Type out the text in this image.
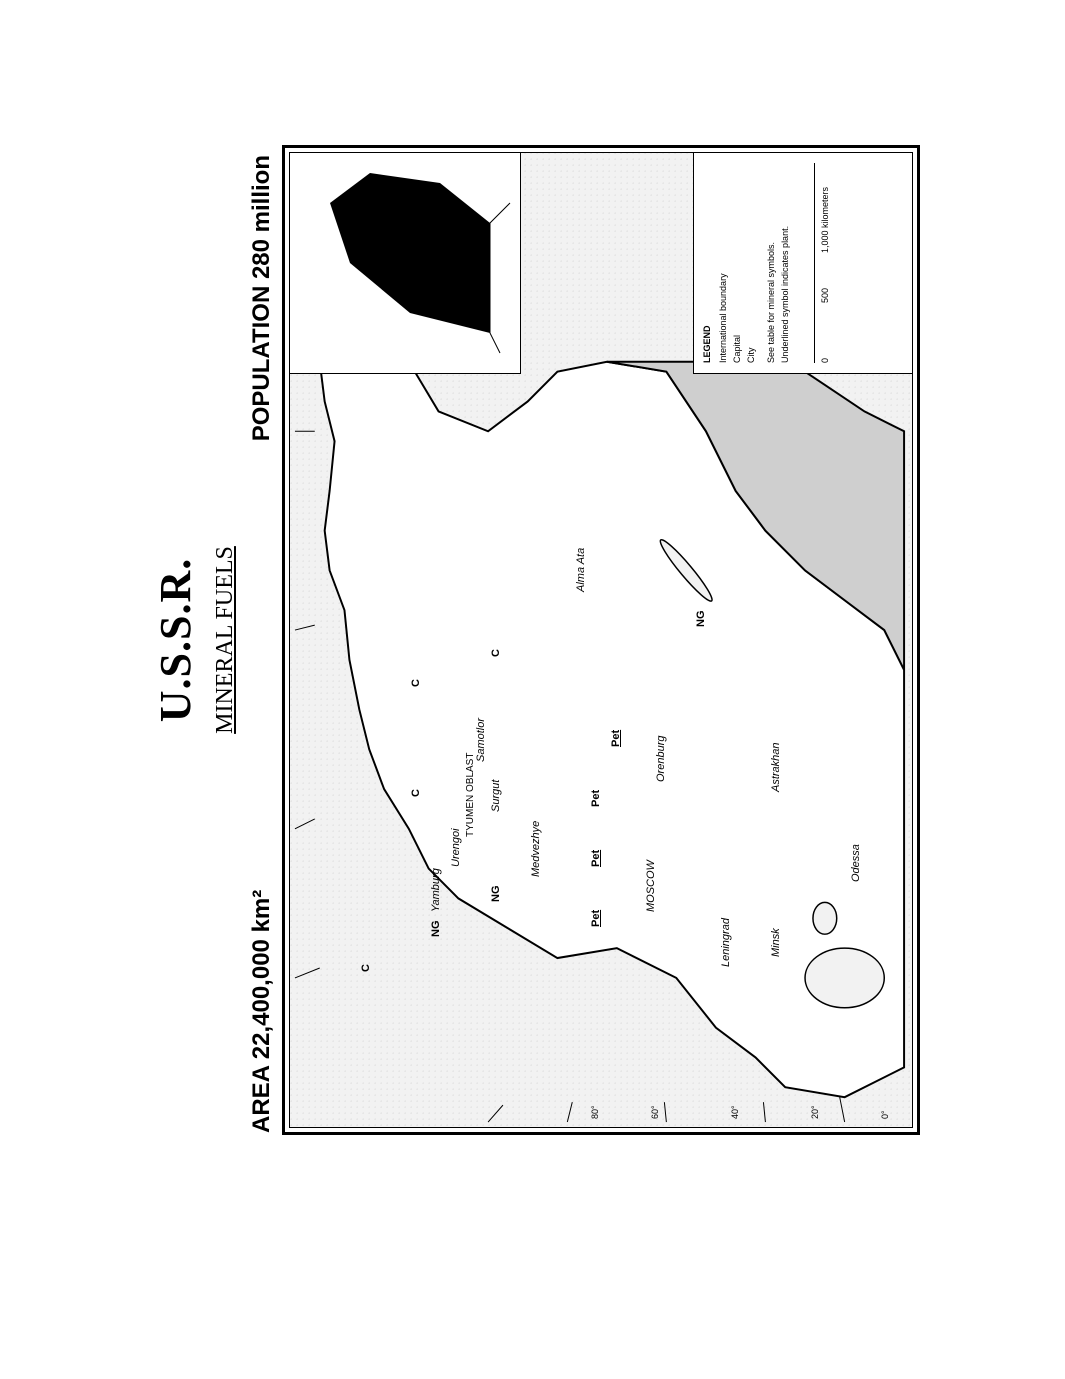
U.S.S.R. MINERAL FUELS
AREA 22,400,000 km²
POPULATION 280 million
MOSCOW
Leningrad	Minsk
Odessa
Astrakhan
Orenburg
Medvezhye
Surgut
Urengoi
Yamburg
Samotlor
Alma Ata
TYUMEN OBLAST
Pet
Pet
Pet
Pet
NG
NG
NG
C
C
C
C
0°
20°
40°
60°
80°
LEGEND International boundary Capital City See table for mineral symbols. Underlined symbol indicates plant.	0
500
1,000 kilometers
